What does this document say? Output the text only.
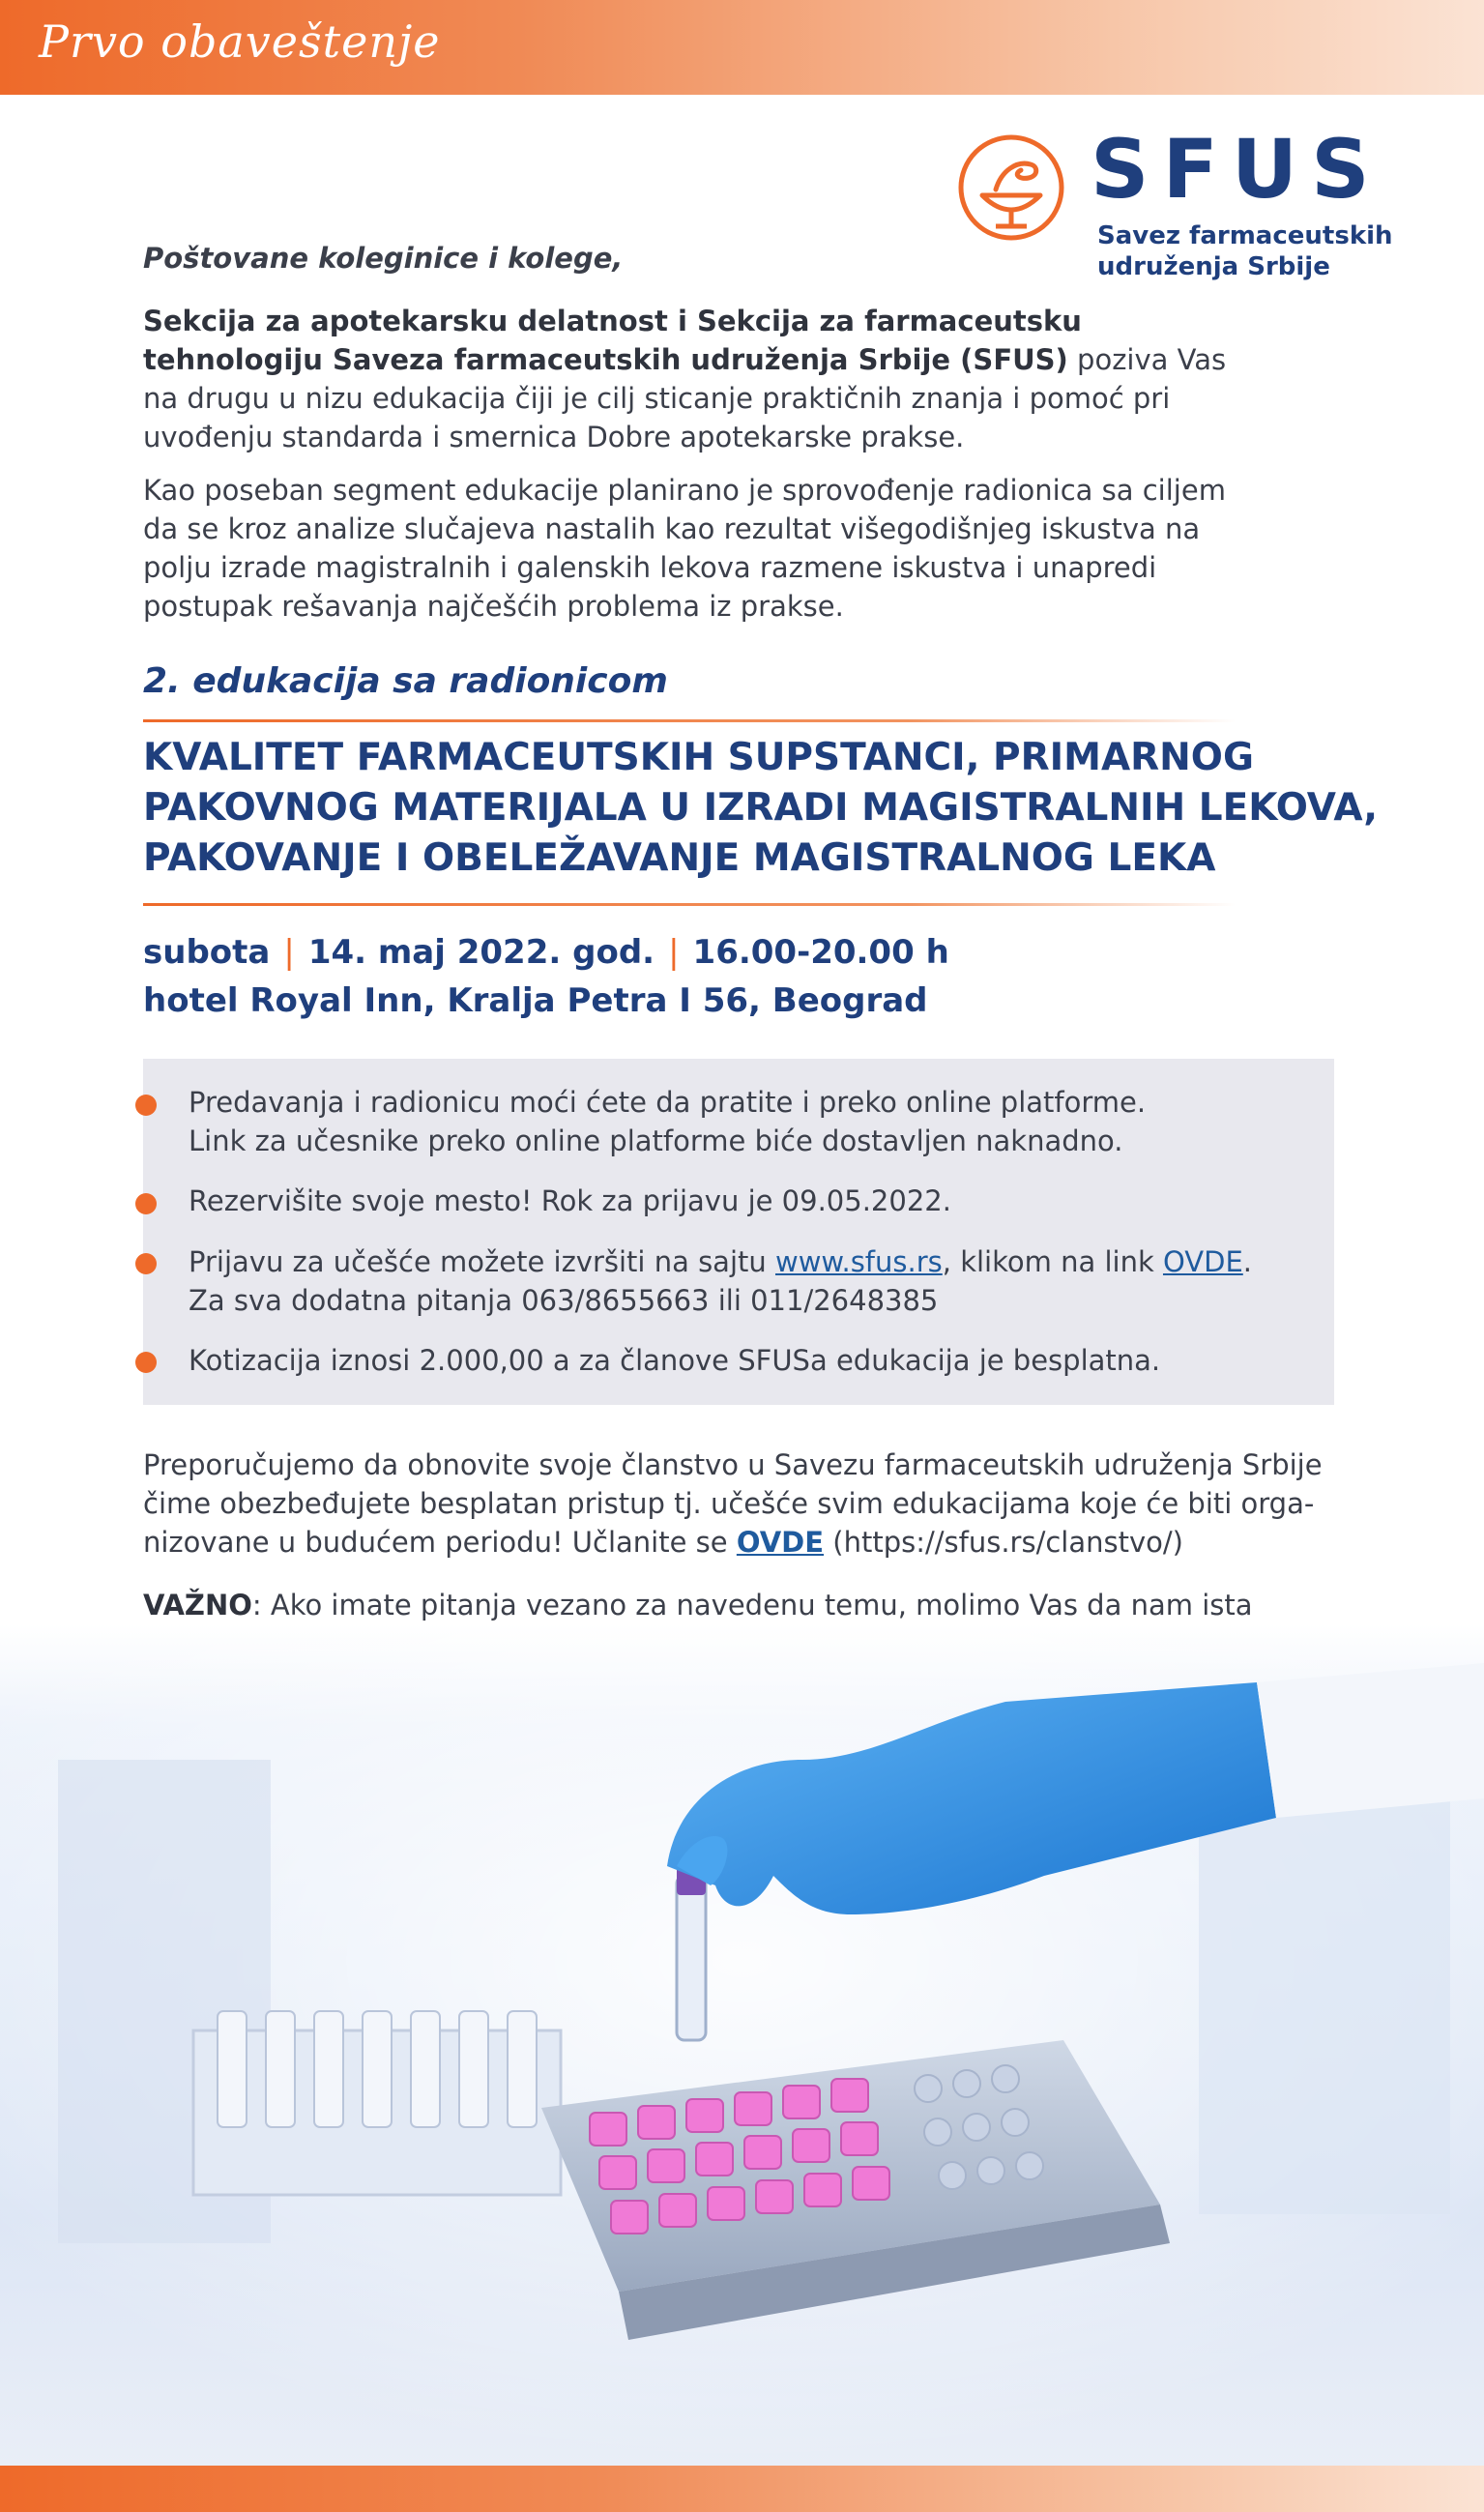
Prvo obaveštenje
SFUS
Savez farmaceutskih
udruženja Srbije
Poštovane koleginice i kolege,
Sekcija za apotekarsku delatnost i Sekcija za farmaceutsku tehnologiju Saveza farmaceutskih udruženja Srbije (SFUS) poziva Vas na drugu u nizu edukacija čiji je cilj sticanje praktičnih znanja i pomoć pri uvođenju standarda i smernica Dobre apotekarske prakse.
Kao poseban segment edukacije planirano je sprovođenje radionica sa ciljem da se kroz analize slučajeva nastalih kao rezultat višegodišnjeg iskustva na polju izrade magistralnih i galenskih lekova razmene iskustva i unapredi postupak rešavanja najčešćih problema iz prakse.
2. edukacija sa radionicom
KVALITET FARMACEUTSKIH SUPSTANCI, PRIMARNOG
PAKOVNOG MATERIJALA U IZRADI MAGISTRALNIH LEKOVA,
PAKOVANJE I OBELEŽAVANJE MAGISTRALNOG LEKA
subota | 14. maj 2022. god. | 16.00-20.00 h
hotel Royal Inn, Kralja Petra I 56, Beograd
Predavanja i radionicu moći ćete da pratite i preko online platforme.
Link za učesnike preko online platforme biće dostavljen naknadno.
Rezervišite svoje mesto! Rok za prijavu je 09.05.2022.
Prijavu za učešće možete izvršiti na sajtu www.sfus.rs, klikom na link OVDE.
Za sva dodatna pitanja 063/8655663 ili 011/2648385
Kotizacija iznosi 2.000,00 a za članove SFUSa edukacija je besplatna.
Preporučujemo da obnovite svoje članstvo u Savezu farmaceutskih udruženja Srbije
čime obezbeđujete besplatan pristup tj. učešće svim edukacijama koje će biti orga-
nizovane u budućem periodu! Učlanite se OVDE (https://sfus.rs/clanstvo/)
VAŽNO: Ako imate pitanja vezano za navedenu temu, molimo Vas da nam ista
